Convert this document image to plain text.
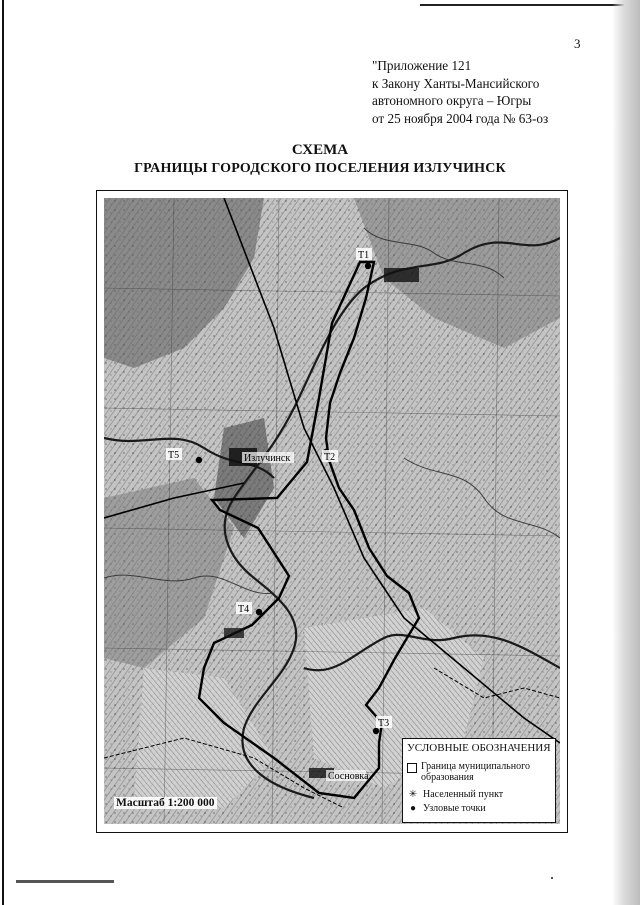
3
"Приложение 121
к Закону Ханты-Мансийского
автономного округа – Югры
от 25 ноября 2004 года № 63-оз
СХЕМА
ГРАНИЦЫ ГОРОДСКОГО ПОСЕЛЕНИЯ ИЗЛУЧИНСК
T1
T2
T3
T4
T5	Излучинск
Сосновка
Масштаб 1:200 000
УСЛОВНЫЕ ОБОЗНАЧЕНИЯ
Граница муниципального
образования
✳ Населенный пункт
● Узловые точки
